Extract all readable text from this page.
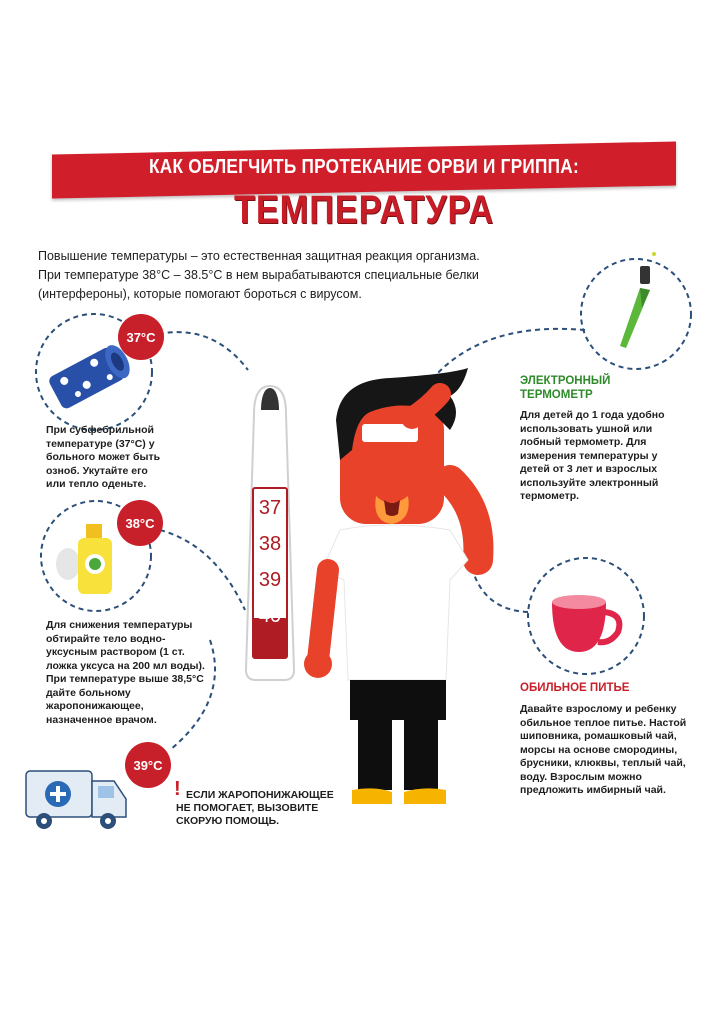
КАК ОБЛЕГЧИТЬ ПРОТЕКАНИЕ ОРВИ И ГРИППА:
ТЕМПЕРАТУРА
Повышение температуры – это естественная защитная реакция организма.
При температуре 38°С – 38.5°С в нем вырабатываются специальные белки
(интерфероны), которые помогают бороться с вирусом.
37°С
При субфебрильной
температуре (37°С) у
больного может быть
озноб. Укутайте его
или тепло оденьте.
38°С
Для снижения температуры
обтирайте тело водно-
уксусным раствором (1 ст.
ложка уксуса на 200 мл воды).
При температуре выше 38,5°С
дайте больному
жаропонижающее,
назначенное врачом.
39°С
! ЕСЛИ ЖАРОПОНИЖАЮЩЕЕ
НЕ ПОМОГАЕТ, ВЫЗОВИТЕ
СКОРУЮ ПОМОЩЬ.
37
38
39
40
ЭЛЕКТРОННЫЙ
ТЕРМОМЕТР
Для детей до 1 года удобно
использовать ушной или
лобный термометр. Для
измерения температуры у
детей от 3 лет и взрослых
используйте электронный
термометр.
ОБИЛЬНОЕ ПИТЬЕ
Давайте взрослому и ребенку
обильное теплое питье. Настой
шиповника, ромашковый чай,
морсы на основе смородины,
брусники, клюквы, теплый чай,
воду. Взрослым можно
предложить имбирный чай.
